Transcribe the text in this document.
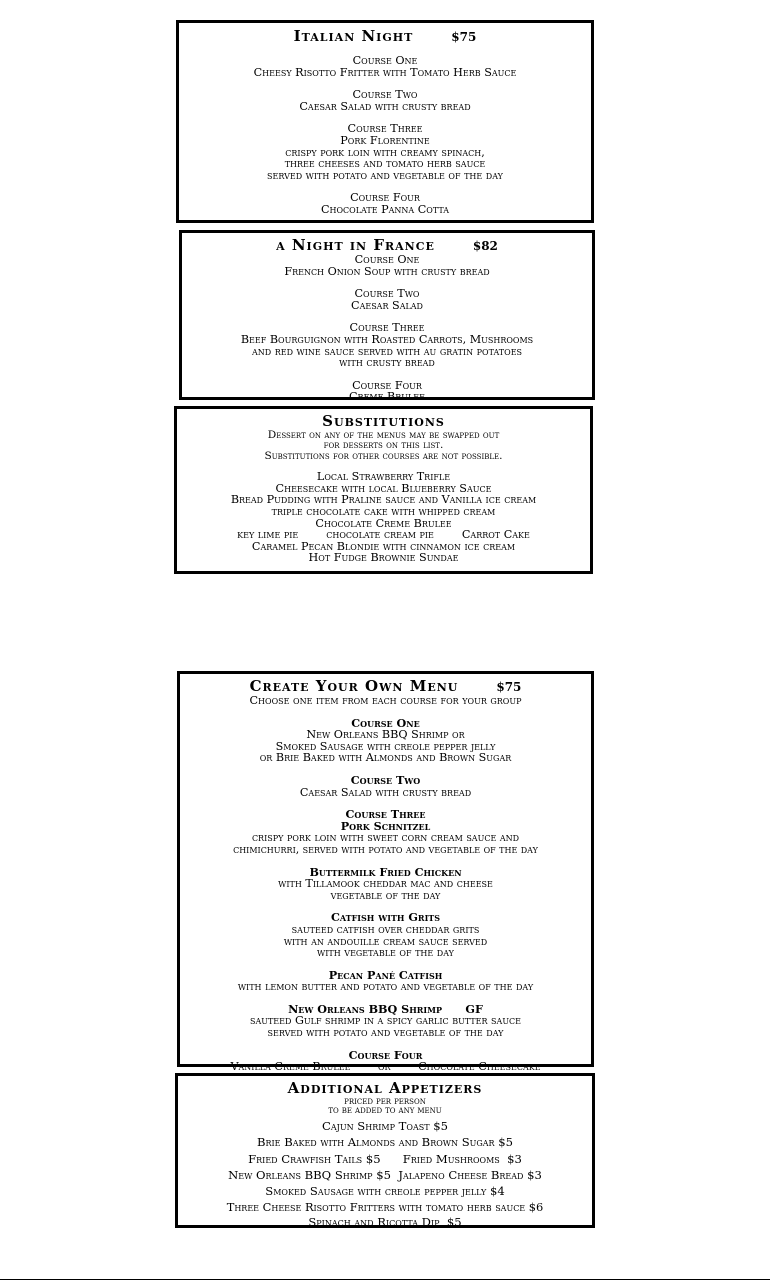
Italian Night	$75
Course One
Cheesy Risotto Fritter with Tomato Herb Sauce
Course Two
Caesar Salad with crusty bread
Course Three
Pork Florentine
crispy pork loin with creamy spinach,
three cheeses and tomato herb sauce
served with potato and vegetable of the day
Course Four
Chocolate Panna Cotta
a Night in France	$82
Course One
French Onion Soup with crusty bread
Course Two
Caesar Salad
Course Three
Beef Bourguignon with Roasted Carrots, Mushrooms
and red wine sauce served with au gratin potatoes
with crusty bread
Course Four
Creme Brulee
Substitutions
Dessert on any of the menus may be swapped out
for desserts on this list.
Substitutions for other courses are not possible.
Local Strawberry Trifle
Cheesecake with local Blueberry Sauce
Bread Pudding with Praline sauce and Vanilla ice cream
triple chocolate cake with whipped cream
Chocolate Creme Brulee
key lime pie	chocolate cream pie	Carrot Cake
Caramel Pecan Blondie with cinnamon ice cream
Hot Fudge Brownie Sundae
Create Your Own Menu	$75
Choose one item from each course for your group
Course One
New Orleans BBQ Shrimp or
Smoked Sausage with creole pepper jelly
or Brie Baked with Almonds and Brown Sugar
Course Two
Caesar Salad with crusty bread
Course Three
Pork Schnitzel
crispy pork loin with sweet corn cream sauce and
chimichurri, served with potato and vegetable of the day
Buttermilk Fried Chicken
with Tillamook cheddar mac and cheese
vegetable of the day
Catfish with Grits
sauteed catfish over cheddar grits
with an andouille cream sauce served
with vegetable of the day
Pecan Pané Catfish
with lemon butter and potato and vegetable of the day
New Orleans BBQ Shrimp      GF
sauteed Gulf shrimp in a spicy garlic butter sauce
served with potato and vegetable of the day
Course Four
Vanilla Creme Brulee or Chocolate Cheesecake
Additional Appetizers
priced per person
to be added to any menu
Cajun Shrimp Toast $5
Brie Baked with Almonds and Brown Sugar $5
Fried Crawfish Tails $5      Fried Mushrooms  $3
New Orleans BBQ Shrimp $5  Jalapeno Cheese Bread $3
Smoked Sausage with creole pepper jelly $4
Three Cheese Risotto Fritters with tomato herb sauce $6
Spinach and Ricotta Dip  $5
